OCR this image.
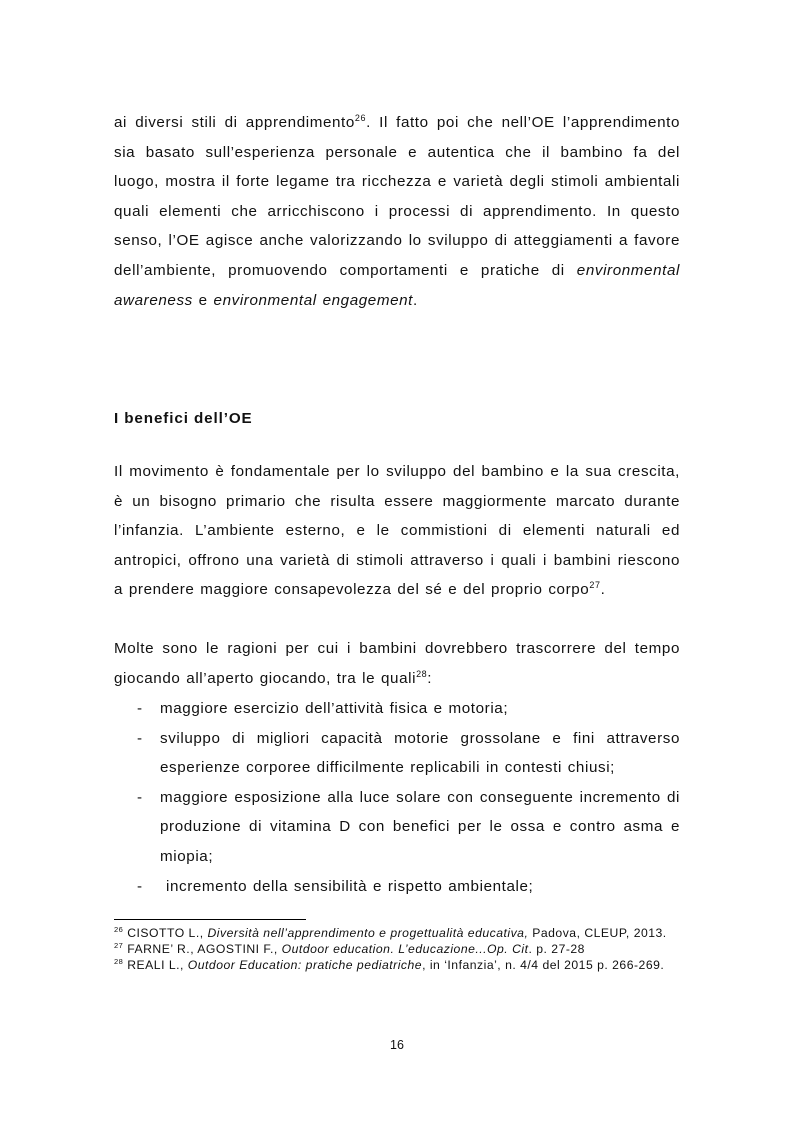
ai diversi stili di apprendimento$^{26}$. Il fatto poi che nell’OE l’apprendimento sia basato sull’esperienza personale e autentica che il bambino fa del luogo, mostra il forte legame tra ricchezza e varietà degli stimoli ambientali quali elementi che arricchiscono i processi di apprendimento. In questo senso, l’OE agisce anche valorizzando lo sviluppo di atteggiamenti a favore dell’ambiente, promuovendo comportamenti e pratiche di environmental awareness e environmental engagement.

I benefici dell’OE

Il movimento è fondamentale per lo sviluppo del bambino e la sua crescita, è un bisogno primario che risulta essere maggiormente marcato durante l’infanzia. L’ambiente esterno, e le commistioni di elementi naturali ed antropici, offrono una varietà di stimoli attraverso i quali i bambini riescono a prendere maggiore consapevolezza del sé e del proprio corpo$^{27}$.

Molte sono le ragioni per cui i bambini dovrebbero trascorrere del tempo giocando all’aperto giocando, tra le quali$^{28}$:

- maggiore esercizio dell’attività fisica e motoria;
- sviluppo di migliori capacità motorie grossolane e fini attraverso esperienze corporee difficilmente replicabili in contesti chiusi;
- maggiore esposizione alla luce solare con conseguente incremento di produzione di vitamina D con benefici per le ossa e contro asma e miopia;
- incremento della sensibilità e rispetto ambientale;

$^{26}$ CISOTTO L., Diversità nell’apprendimento e progettualità educativa, Padova, CLEUP, 2013.

$^{27}$ FARNE’ R., AGOSTINI F., Outdoor education. L’educazione...Op. Cit. p. 27-28

$^{28}$ REALI L., Outdoor Education: pratiche pediatriche, in ‘Infanzia’, n. 4/4 del 2015 p. 266-269.

16
